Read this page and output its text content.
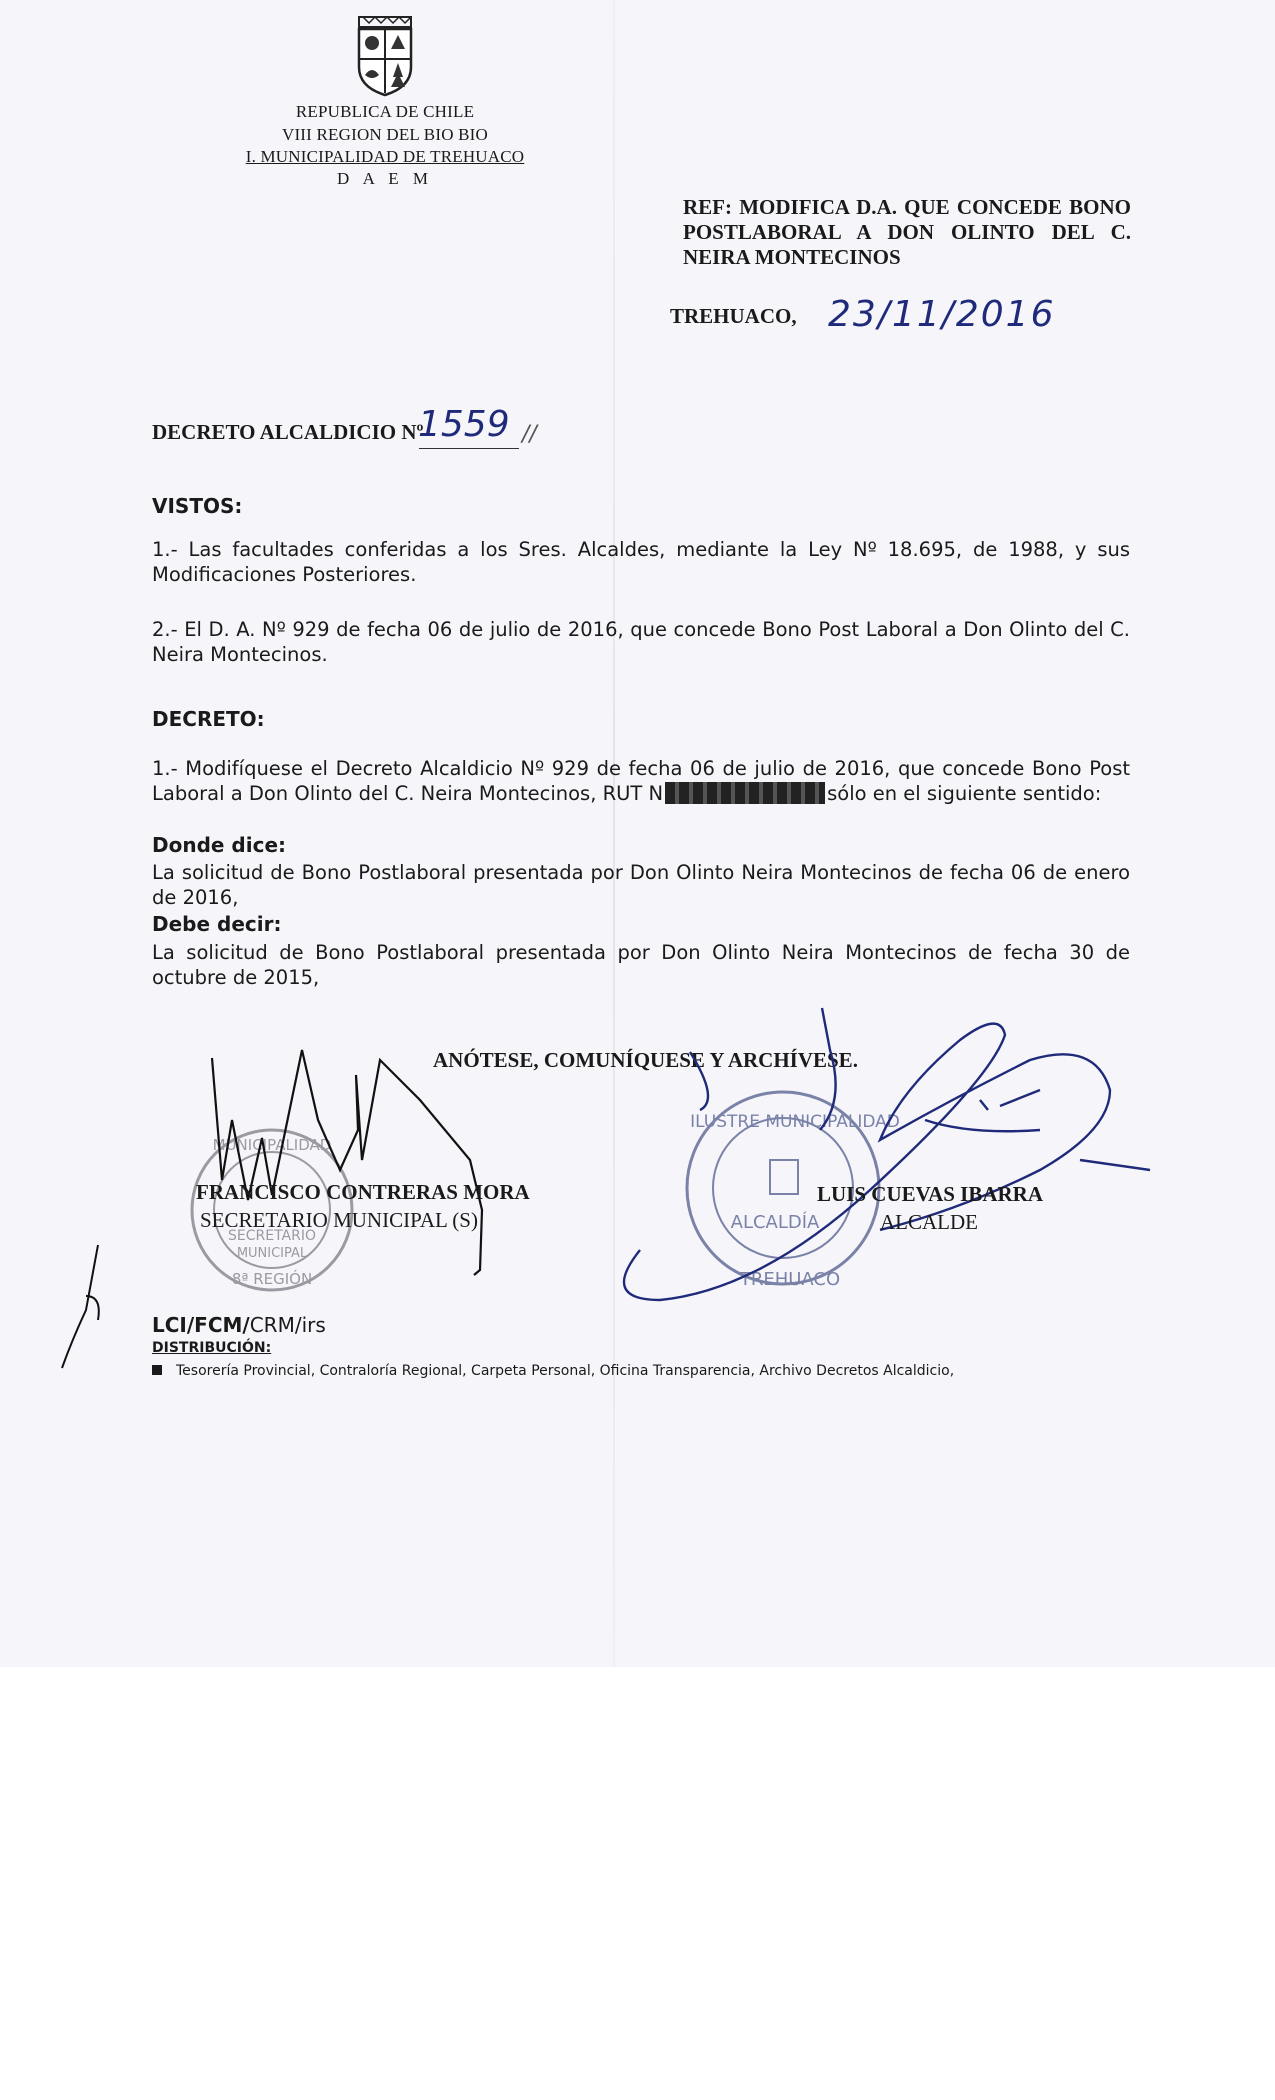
REPUBLICA DE CHILE
VIII REGION DEL BIO BIO
I. MUNICIPALIDAD DE TREHUACO
D A E M
REF: MODIFICA D.A. QUE CONCEDE BONO POSTLABORAL A DON OLINTO DEL C. NEIRA MONTECINOS
TREHUACO, 23/11/2016
DECRETO ALCALDICIO Nº
1559 //
VISTOS:
1.- Las facultades conferidas a los Sres. Alcaldes, mediante la Ley Nº 18.695, de 1988, y sus Modificaciones Posteriores.
2.- El D. A. Nº 929 de fecha 06 de julio de 2016, que concede Bono Post Laboral a Don Olinto del C. Neira Montecinos.
DECRETO:
1.- Modifíquese el Decreto Alcaldicio Nº 929 de fecha 06 de julio de 2016, que concede Bono Post Laboral a Don Olinto del C. Neira Montecinos, RUT N	sólo en el siguiente sentido:
Donde dice:
La solicitud de Bono Postlaboral presentada por Don Olinto Neira Montecinos de fecha 06 de enero de 2016,
Debe decir:
La solicitud de Bono Postlaboral presentada por Don Olinto Neira Montecinos de fecha 30 de octubre de 2015,
ANÓTESE, COMUNÍQUESE Y ARCHÍVESE.
MUNICIPALIDAD
SECRETARIO
MUNICIPAL
8ª REGIÓN
ILUSTRE MUNICIPALIDAD
ALCALDÍA
TREHUACO
FRANCISCO CONTRERAS MORA
SECRETARIO MUNICIPAL (S)
LUIS CUEVAS IBARRA
ALCALDE
LCI/FCM/CRM/irs
DISTRIBUCIÓN:
Tesorería Provincial, Contraloría Regional, Carpeta Personal, Oficina Transparencia, Archivo Decretos Alcaldicio,
